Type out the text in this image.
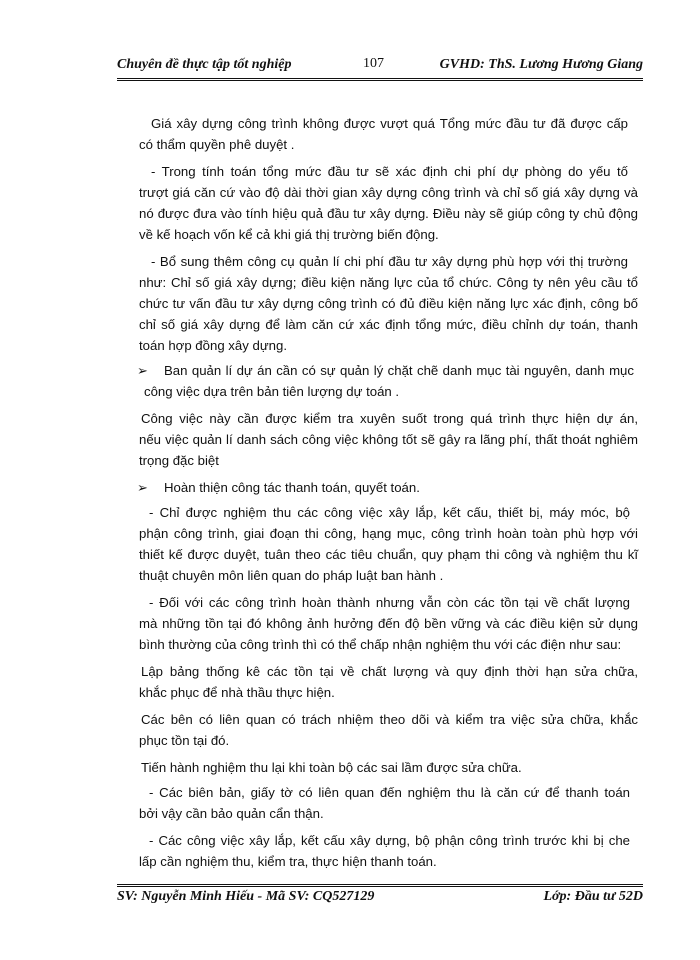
Chuyên đề thực tập tốt nghiệp	107	GVHD: ThS. Lương Hương Giang
Giá xây dựng công trình không được vượt quá Tổng mức đầu tư đã được cấp
có thẩm quyền phê duyệt .
- Trong tính toán tổng mức đầu tư sẽ xác định chi phí dự phòng do yếu tố
trượt giá căn cứ vào độ dài thời gian xây dựng công trình và chỉ số giá xây dựng và
nó được đưa vào tính hiệu quả đầu tư xây dựng. Điều này sẽ giúp công ty chủ động
về kế hoạch vốn kể cả khi giá thị trường biến động.
- Bổ sung thêm công cụ quản lí chi phí đầu tư xây dựng phù hợp với thị trường
như: Chỉ số giá xây dựng; điều kiện năng lực của tổ chức. Công ty nên yêu cầu tổ
chức tư vấn đầu tư xây dựng công trình có đủ điều kiện năng lực xác định, công bố
chỉ số giá xây dựng để làm căn cứ xác định tổng mức, điều chỉnh dự toán, thanh
toán hợp đồng xây dựng.
➢ Ban quản lí dự án cần có sự quản lý chặt chẽ danh mục tài nguyên, danh mục
công việc dựa trên bản tiên lượng dự toán .
Công việc này cần được kiểm tra xuyên suốt trong quá trình thực hiện dự án,
nếu việc quản lí danh sách công việc không tốt sẽ gây ra lãng phí, thất thoát nghiêm
trọng đặc biệt
➢ Hoàn thiện công tác thanh toán, quyết toán.
- Chỉ được nghiệm thu các công việc xây lắp, kết cấu, thiết bị, máy móc, bộ
phận công trình, giai đoạn thi công, hạng mục, công trình hoàn toàn phù hợp với
thiết kế được duyệt, tuân theo các tiêu chuẩn, quy phạm thi công và nghiệm thu kĩ
thuật chuyên môn liên quan do pháp luật ban hành .
- Đối với các công trình hoàn thành nhưng vẫn còn các tồn tại về chất lượng
mà những tồn tại đó không ảnh hưởng đến độ bền vững và các điều kiện sử dụng
bình thường của công trình thì có thể chấp nhận nghiệm thu với các điện như sau:
Lập bảng thống kê các tồn tại về chất lượng và quy định thời hạn sửa chữa,
khắc phục để nhà thầu thực hiện.
Các bên có liên quan có trách nhiệm theo dõi và kiểm tra việc sửa chữa, khắc
phục tồn tại đó.
Tiến hành nghiệm thu lại khi toàn bộ các sai lầm được sửa chữa.
- Các biên bản, giấy tờ có liên quan đến nghiệm thu là căn cứ để thanh toán
bởi vậy cần bảo quản cẩn thận.
- Các công việc xây lắp, kết cấu xây dựng, bộ phận công trình trước khi bị che
lấp cần nghiệm thu, kiểm tra, thực hiện thanh toán.
SV: Nguyễn Minh Hiếu - Mã SV: CQ527129	Lớp: Đầu tư 52D
